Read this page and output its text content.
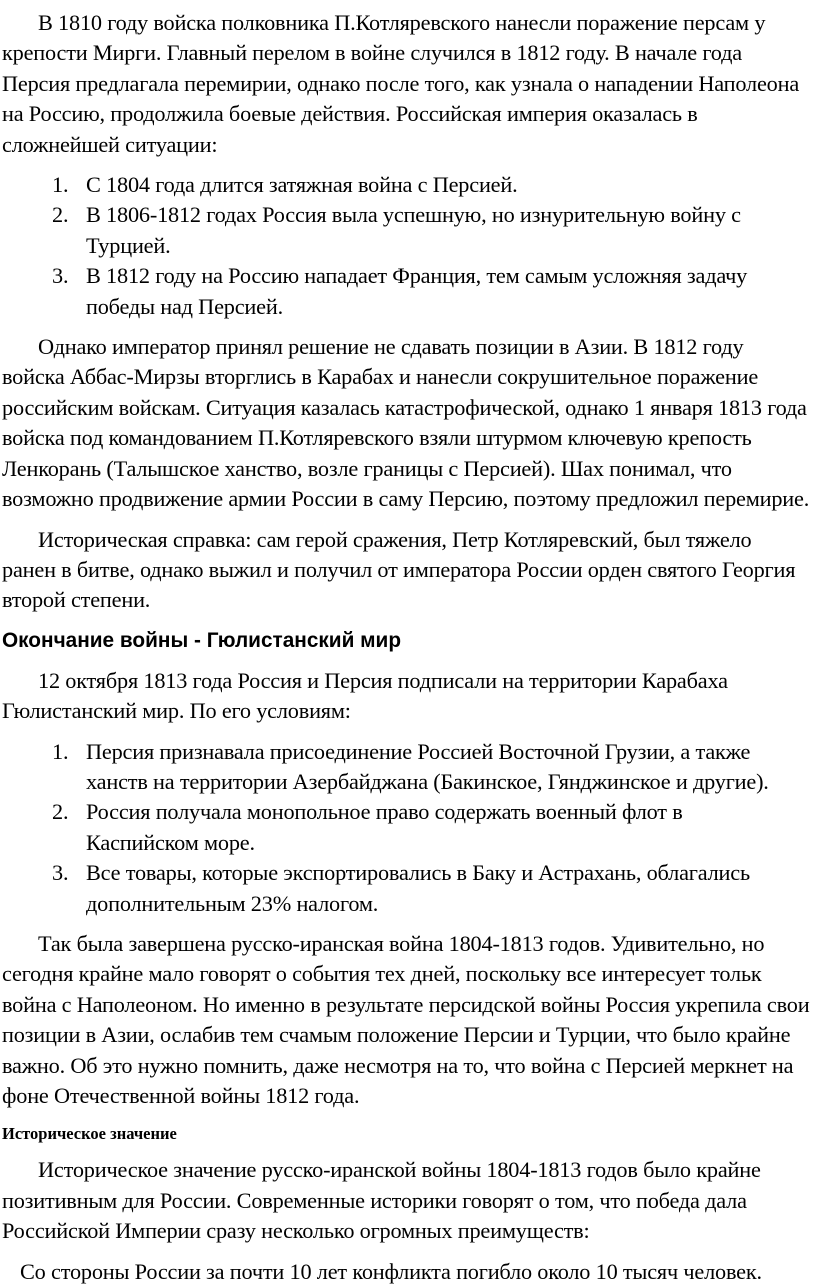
В 1810 году войска полковника П.Котляревского нанесли поражение персам у крепости Мирги. Главный перелом в войне случился в 1812 году. В начале года Персия предлагала перемирии, однако после того, как узнала о нападении Наполеона на Россию, продолжила боевые действия. Российская империя оказалась в сложнейшей ситуации:

1. С 1804 года длится затяжная война с Персией.
2. В 1806-1812 годах Россия выла успешную, но изнурительную войну с Турцией.
3. В 1812 году на Россию нападает Франция, тем самым усложняя задачу победы над Персией.

Однако император принял решение не сдавать позиции в Азии. В 1812 году войска Аббас-Мирзы вторглись в Карабах и нанесли сокрушительное поражение российским войскам. Ситуация казалась катастрофической, однако 1 января 1813 года войска под командованием П.Котляревского взяли штурмом ключевую крепость Ленкорань (Талышское ханство, возле границы с Персией). Шах понимал, что возможно продвижение армии России в саму Персию, поэтому предложил перемирие.

Историческая справка: сам герой сражения, Петр Котляревский, был тяжело ранен в битве, однако выжил и получил от императора России орден святого Георгия второй степени.

Окончание войны - Гюлистанский мир

12 октября 1813 года Россия и Персия подписали на территории Карабаха Гюлистанский мир. По его условиям:

1. Персия признавала присоединение Россией Восточной Грузии, а также ханств на территории Азербайджана (Бакинское, Гянджинское и другие).
2. Россия получала монопольное право содержать военный флот в Каспийском море.
3. Все товары, которые экспортировались в Баку и Астрахань, облагались дополнительным 23% налогом.

Так была завершена русско-иранская война 1804-1813 годов. Удивительно, но сегодня крайне мало говорят о события тех дней, поскольку все интересует тольк война с Наполеоном. Но именно в результате персидской войны Россия укрепила свои позиции в Азии, ослабив тем счамым положение Персии и Турции, что было крайне важно. Об это нужно помнить, даже несмотря на то, что война с Персией меркнет на фоне Отечественной войны 1812 года.

Историческое значение

Историческое значение русско-иранской войны 1804-1813 годов было крайне позитивным для России. Современные историки говорят о том, что победа дала Российской Империи сразу несколько огромных преимуществ:

Со стороны России за почти 10 лет конфликта погибло около 10 тысяч человек.
